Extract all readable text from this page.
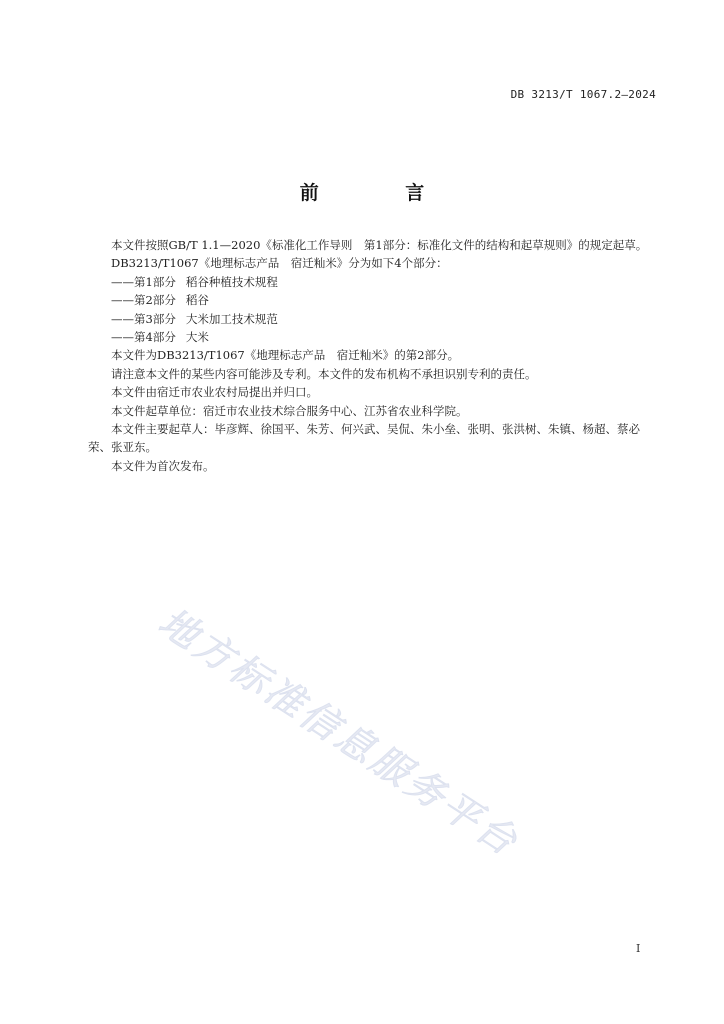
DB 3213/T 1067.2—2024
前 言

本文件按照GB/T 1.1—2020《标准化工作导则　第1部分：标准化文件的结构和起草规则》的规定起草。

DB3213/T1067《地理标志产品　宿迁籼米》分为如下4个部分：

——第1部分 稻谷种植技术规程

——第2部分 稻谷

——第3部分 大米加工技术规范

——第4部分 大米

本文件为DB3213/T1067《地理标志产品　宿迁籼米》的第2部分。

请注意本文件的某些内容可能涉及专利。本文件的发布机构不承担识别专利的责任。

本文件由宿迁市农业农村局提出并归口。

本文件起草单位：宿迁市农业技术综合服务中心、江苏省农业科学院。

本文件主要起草人：毕彦辉、徐国平、朱芳、何兴武、吴侃、朱小垒、张明、张洪树、朱镇、杨超、蔡必荣、张亚东。

本文件为首次发布。

地方标准信息服务平台
I
